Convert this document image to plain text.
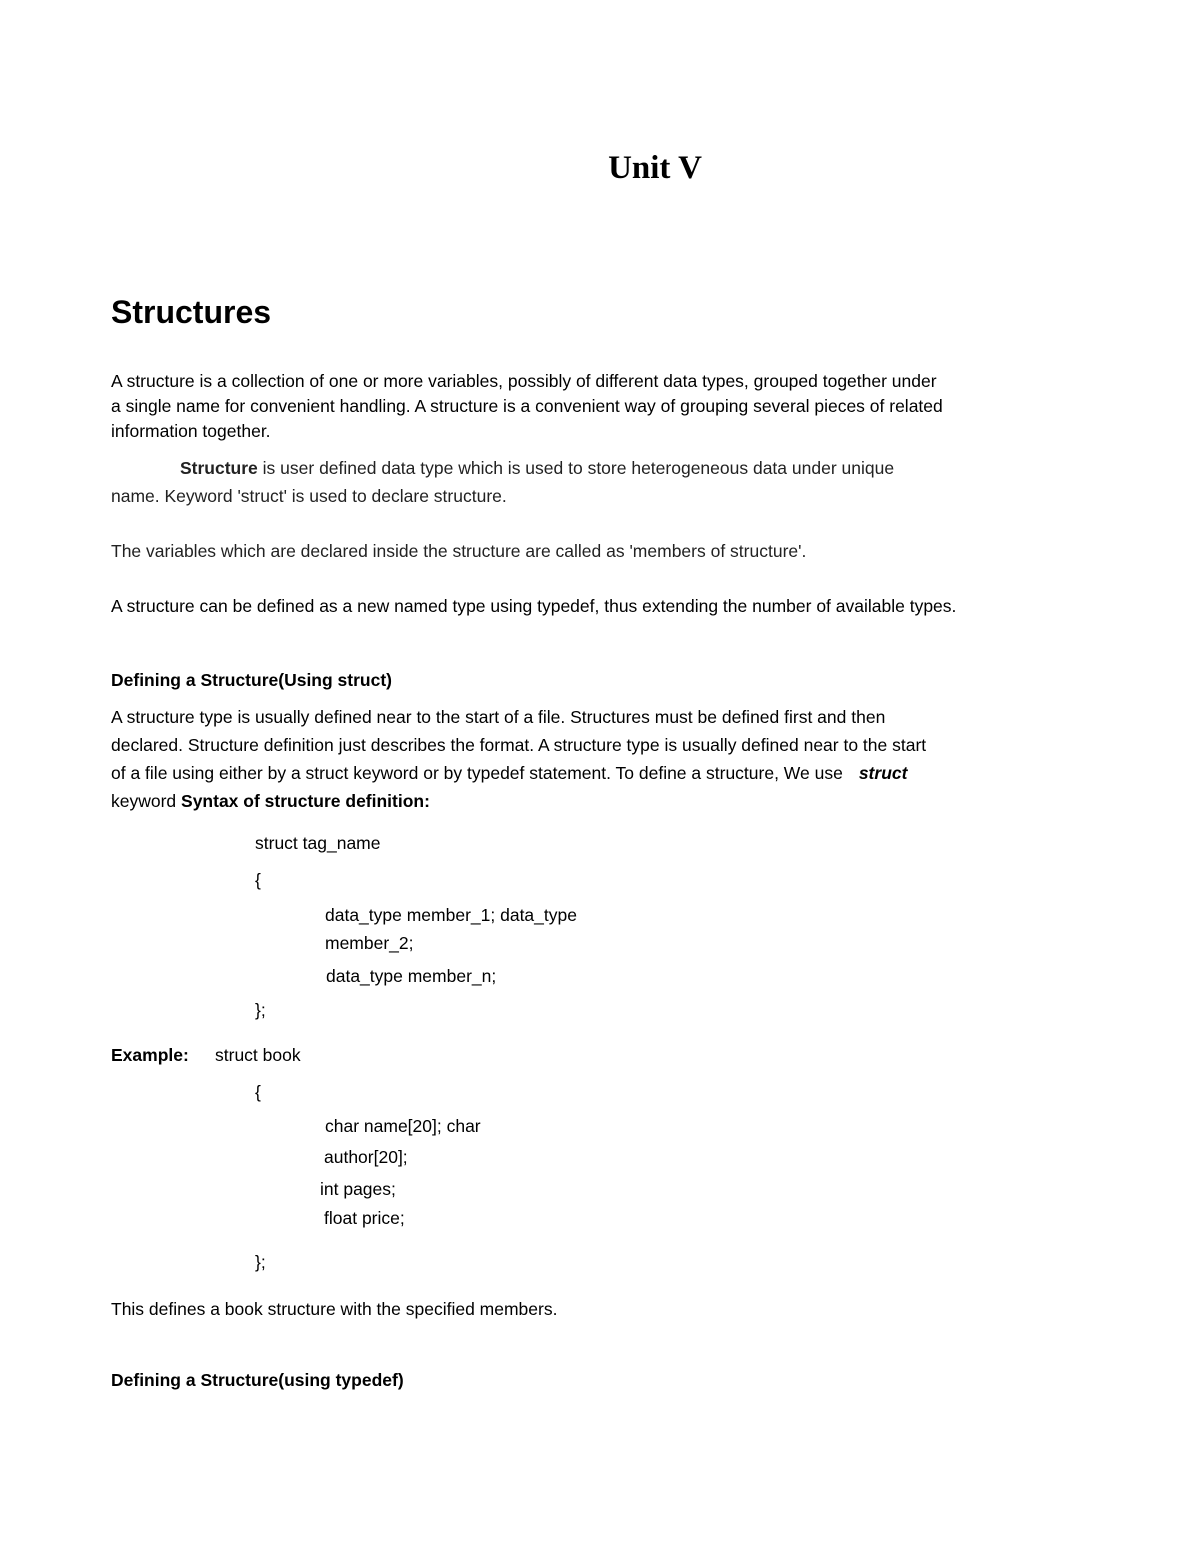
Unit V
Structures
A structure is a collection of one or more variables, possibly of different data types, grouped together under
a single name for convenient handling. A structure is a convenient way of grouping several pieces of related
information together.
Structure is user defined data type which is used to store heterogeneous data under unique
name. Keyword 'struct' is used to declare structure.
The variables which are declared inside the structure are called as 'members of structure'.
A structure can be defined as a new named type using typedef, thus extending the number of available types.
Defining a Structure(Using struct)
A structure type is usually defined near to the start of a file. Structures must be defined first and then
declared. Structure definition just describes the format. A structure type is usually defined near to the start
of a file using either by a struct keyword or by typedef statement. To define a structure, We use struct
keyword Syntax of structure definition:
struct tag_name
{
data_type member_1; data_type
member_2;
data_type member_n;
};
Example: struct book
{
char name[20]; char
author[20];
int pages;
float price;
};
This defines a book structure with the specified members.
Defining a Structure(using typedef)
